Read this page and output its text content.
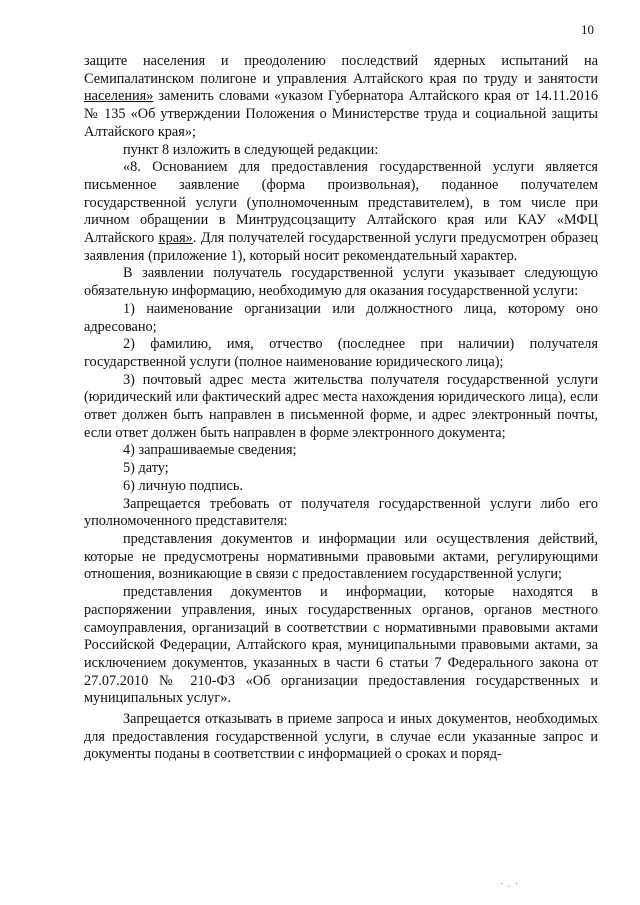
10

защите населения и преодолению последствий ядерных испытаний на Семипалатинском полигоне и управления Алтайского края по труду и занятости населения» заменить словами «указом Губернатора Алтайского края от 14.11.2016 № 135 «Об утверждении Положения о Министерстве труда и социальной защиты Алтайского края»;

пункт 8 изложить в следующей редакции:

«8. Основанием для предоставления государственной услуги является письменное заявление (форма произвольная), поданное получателем государственной услуги (уполномоченным представителем), в том числе при личном обращении в Минтрудсоцзащиту Алтайского края или КАУ «МФЦ Алтайского края». Для получателей государственной услуги предусмотрен образец заявления (приложение 1), который носит рекомендательный характер.

В заявлении получатель государственной услуги указывает следующую обязательную информацию, необходимую для оказания государственной услуги:

1) наименование организации или должностного лица, которому оно адресовано;

2) фамилию, имя, отчество (последнее при наличии) получателя государственной услуги (полное наименование юридического лица);

3) почтовый адрес места жительства получателя государственной услуги (юридический или фактический адрес места нахождения юридического лица), если ответ должен быть направлен в письменной форме, и адрес электронный почты, если ответ должен быть направлен в форме электронного документа;

4) запрашиваемые сведения;

5) дату;

6) личную подпись.

Запрещается требовать от получателя государственной услуги либо его уполномоченного представителя:

представления документов и информации или осуществления действий, которые не предусмотрены нормативными правовыми актами, регулирующими отношения, возникающие в связи с предоставлением государственной услуги;

представления документов и информации, которые находятся в распоряжении управления, иных государственных органов, органов местного самоуправления, организаций в соответствии с нормативными правовыми актами Российской Федерации, Алтайского края, муниципальными правовыми актами, за исключением документов, указанных в части 6 статьи 7 Федерального закона от 27.07.2010 № 210-ФЗ «Об организации предоставления государственных и муниципальных услуг».

Запрещается отказывать в приеме запроса и иных документов, необходимых для предоставления государственной услуги, в случае если указанные запрос и документы поданы в соответствии с информацией о сроках и поряд-

· . ·
